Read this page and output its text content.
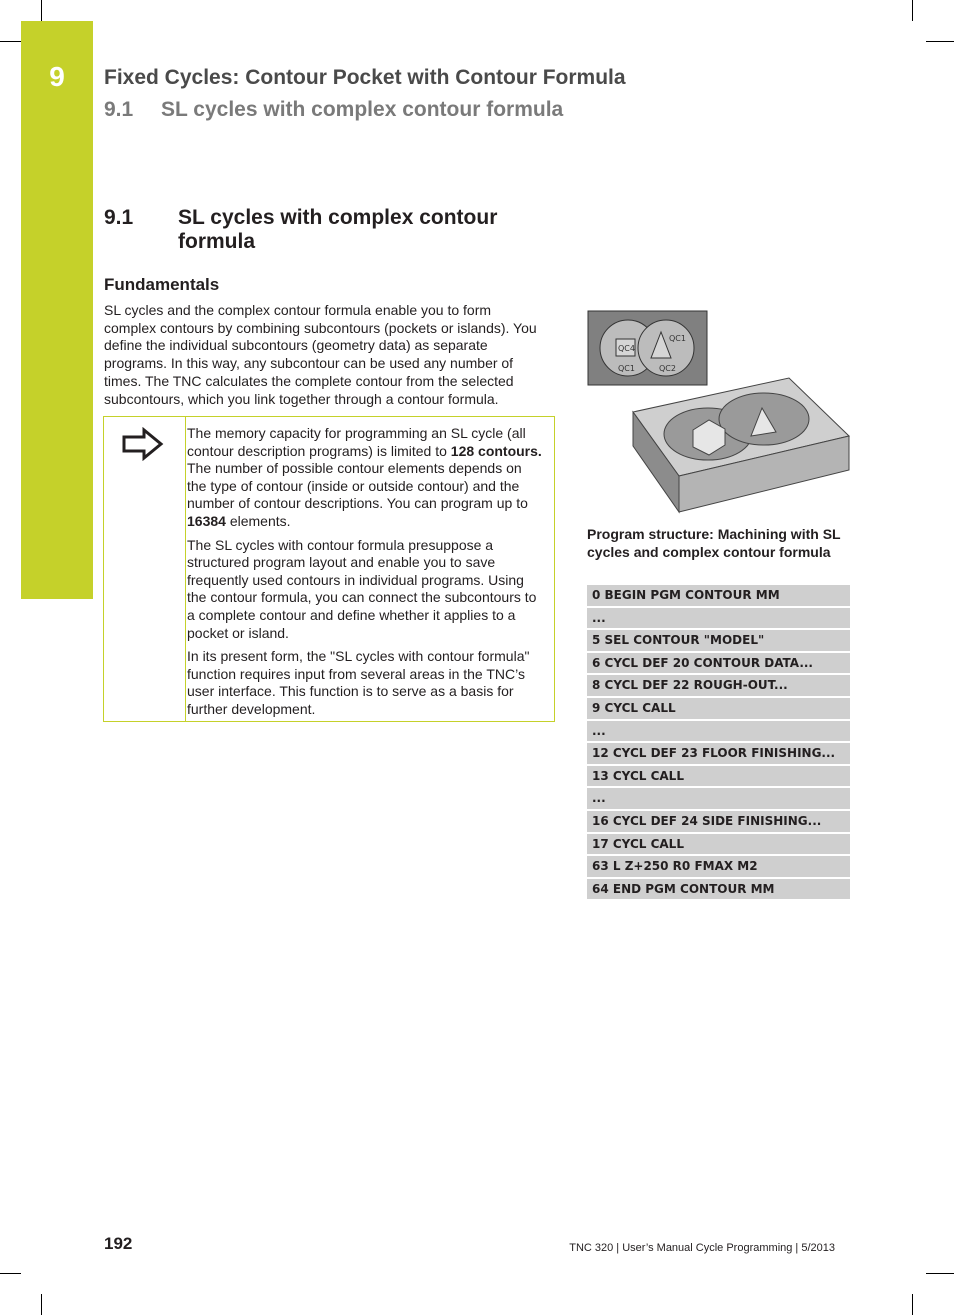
9	Fixed Cycles: Contour Pocket with Contour Formula
9.1 SL cycles with complex contour formula
9.1 SL cycles with complex contour formula
Fundamentals

SL cycles and the complex contour formula enable you to form complex contours by combining subcontours (pockets or islands). You define the individual subcontours (geometry data) as separate programs. In this way, any subcontour can be used any number of times. The TNC calculates the complete contour from the selected subcontours, which you link together through a contour formula.

The memory capacity for programming an SL cycle (all contour description programs) is limited to 128 contours. The number of possible contour elements depends on the type of contour (inside or outside contour) and the number of contour descriptions. You can program up to 16384 elements.

The SL cycles with contour formula presuppose a structured program layout and enable you to save frequently used contours in individual programs. Using the contour formula, you can connect the subcontours to a complete contour and define whether it applies to a pocket or island.

In its present form, the "SL cycles with contour formula" function requires input from several areas in the TNC’s user interface. This function is to serve as a basis for further development.

QC4
QC1
QC1	QC2
Program structure: Machining with SL cycles and complex contour formula
0 BEGIN PGM CONTOUR MM
...
5 SEL CONTOUR "MODEL"
6 CYCL DEF 20 CONTOUR DATA...
8 CYCL DEF 22 ROUGH-OUT...
9 CYCL CALL
...
12 CYCL DEF 23 FLOOR FINISHING...
13 CYCL CALL
...
16 CYCL DEF 24 SIDE FINISHING...
17 CYCL CALL
63 L Z+250 R0 FMAX M2
64 END PGM CONTOUR MM
192	TNC 320 | User’s Manual Cycle Programming | 5/2013
